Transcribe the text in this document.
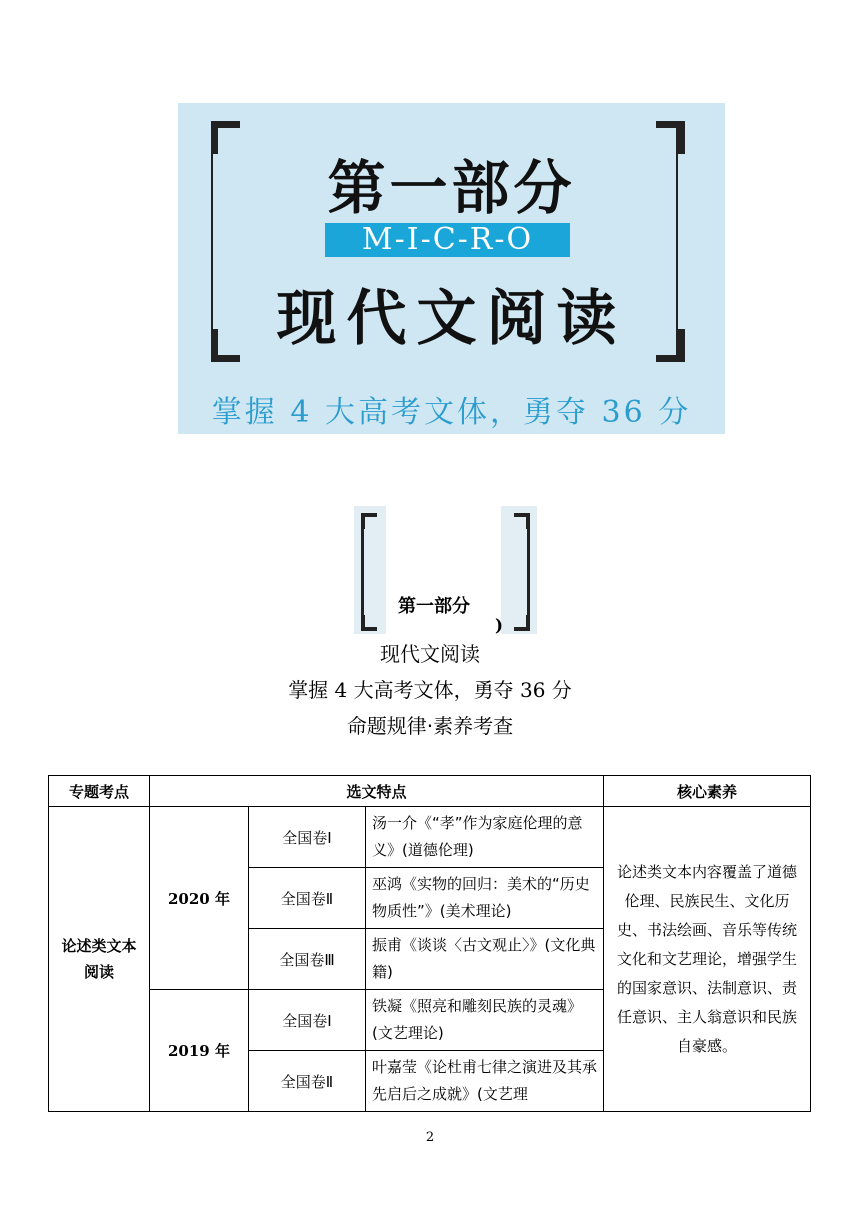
第一部分
M-I-C-R-O
现代文阅读
掌握 4 大高考文体，勇夺 36 分
第一部分
)
现代文阅读
掌握 4 大高考文体，勇夺 36 分
命题规律·素养考查
专题考点	选文特点			核心素养
论述类文本阅读	2020 年	全国卷Ⅰ	汤一介《“孝”作为家庭伦理的意义》(道德伦理)	论述类文本内容覆盖了道德伦理、民族民生、文化历史、书法绘画、音乐等传统文化和文艺理论，增强学生的国家意识、法制意识、责任意识、主人翁意识和民族自豪感。
		全国卷Ⅱ	巫鸿《实物的回归：美术的“历史物质性”》(美术理论)	
		全国卷Ⅲ	振甫《谈谈〈古文观止〉》(文化典籍)	
	2019 年	全国卷Ⅰ	铁凝《照亮和雕刻民族的灵魂》(文艺理论)	
		全国卷Ⅱ	叶嘉莹《论杜甫七律之演进及其承先启后之成就》(文艺理	
2
